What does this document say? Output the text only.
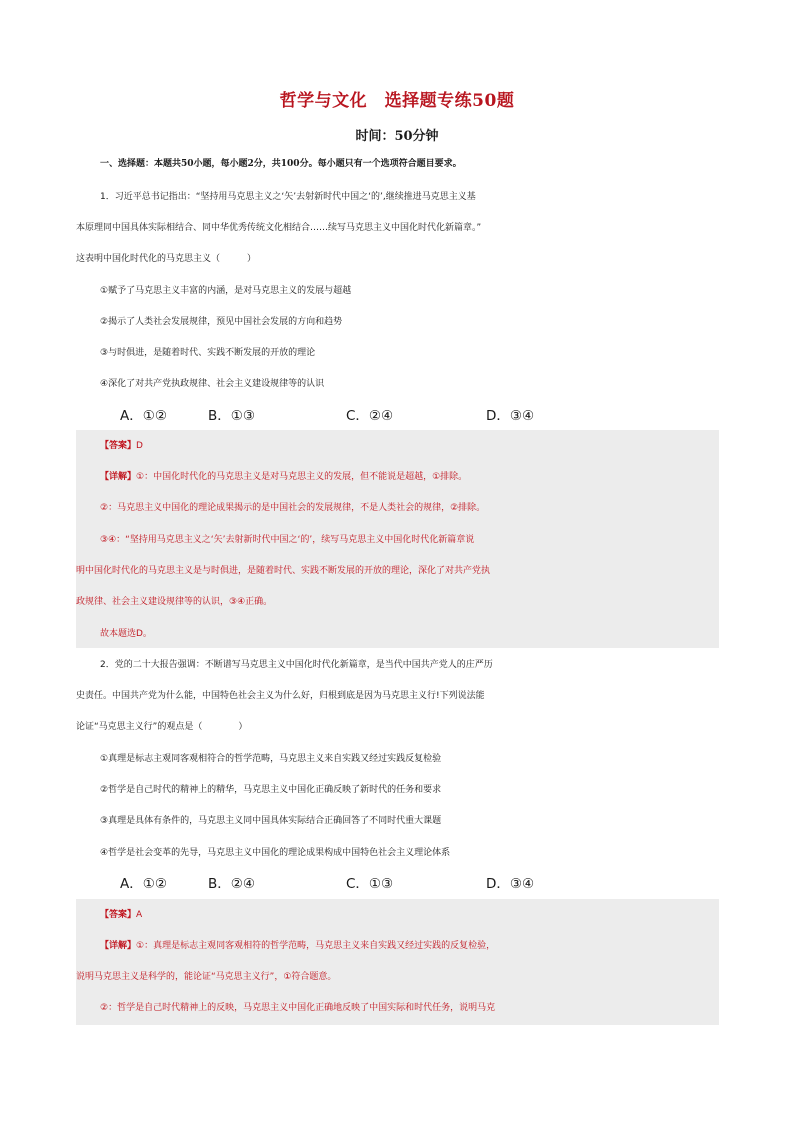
哲学与文化　选择题专练50题
时间：50分钟
一、选择题：本题共50小题，每小题2分，共100分。每小题只有一个选项符合题目要求。
1．习近平总书记指出：“坚持用马克思主义之‘矢’去射新时代中国之‘的’,继续推进马克思主义基
本原理同中国具体实际相结合、同中华优秀传统文化相结合……续写马克思主义中国化时代化新篇章。”
这表明中国化时代化的马克思主义（　　　）
①赋予了马克思主义丰富的内涵，是对马克思主义的发展与超越
②揭示了人类社会发展规律，预见中国社会发展的方向和趋势
③与时俱进，是随着时代、实践不断发展的开放的理论
④深化了对共产党执政规律、社会主义建设规律等的认识
A．①②	B．①③	C．②④	D．③④
【答案】D
【详解】①：中国化时代化的马克思主义是对马克思主义的发展，但不能说是超越，①排除。
②：马克思主义中国化的理论成果揭示的是中国社会的发展规律，不是人类社会的规律，②排除。
③④：“坚持用马克思主义之‘矢’去射新时代中国之‘的’，续写马克思主义中国化时代化新篇章说
明中国化时代化的马克思主义是与时俱进，是随着时代、实践不断发展的开放的理论，深化了对共产党执
政规律、社会主义建设规律等的认识，③④正确。
故本题选D。
2．党的二十大报告强调：不断谱写马克思主义中国化时代化新篇章，是当代中国共产党人的庄严历
史责任。中国共产党为什么能，中国特色社会主义为什么好，归根到底是因为马克思主义行!下列说法能
论证“马克思主义行”的观点是（　　　　）
①真理是标志主观同客观相符合的哲学范畴，马克思主义来自实践又经过实践反复检验
②哲学是自己时代的精神上的精华，马克思主义中国化正确反映了新时代的任务和要求
③真理是具体有条件的，马克思主义同中国具体实际结合正确回答了不同时代重大课题
④哲学是社会变革的先导，马克思主义中国化的理论成果构成中国特色社会主义理论体系
A．①②	B．②④	C．①③	D．③④
【答案】A
【详解】①：真理是标志主观同客观相符的哲学范畴，马克思主义来自实践又经过实践的反复检验，
说明马克思主义是科学的，能论证“马克思主义行”，①符合题意。
②：哲学是自己时代精神上的反映，马克思主义中国化正确地反映了中国实际和时代任务，说明马克
